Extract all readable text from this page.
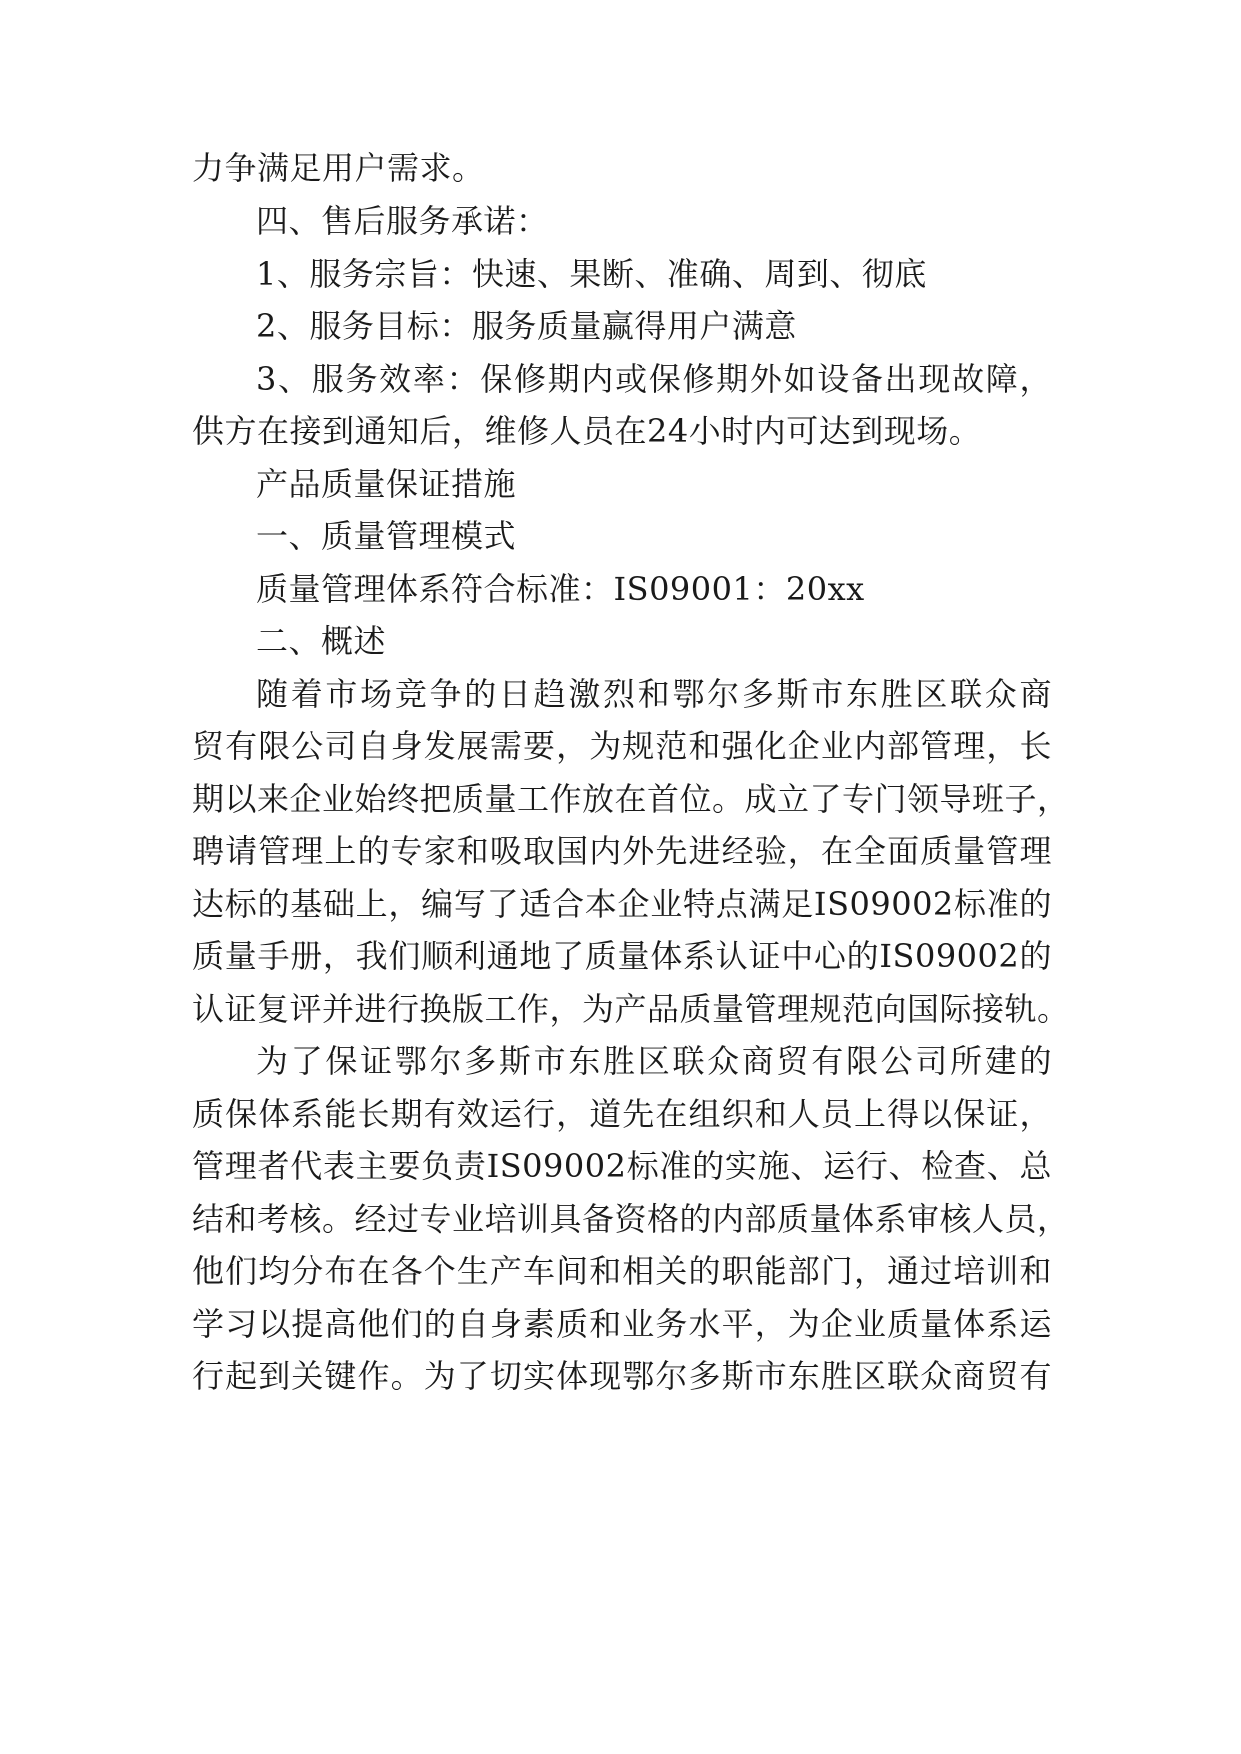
力争满足用户需求。
四、售后服务承诺：
1、服务宗旨：快速、果断、准确、周到、彻底
2、服务目标：服务质量赢得用户满意
3、服务效率：保修期内或保修期外如设备出现故障，
供方在接到通知后，维修人员在24小时内可达到现场。
产品质量保证措施
一、质量管理模式
质量管理体系符合标准：IS09001：20xx
二、概述
随着市场竞争的日趋激烈和鄂尔多斯市东胜区联众商
贸有限公司自身发展需要，为规范和强化企业内部管理，长
期以来企业始终把质量工作放在首位。成立了专门领导班子，
聘请管理上的专家和吸取国内外先进经验，在全面质量管理
达标的基础上，编写了适合本企业特点满足IS09002标准的
质量手册，我们顺利通地了质量体系认证中心的IS09002的
认证复评并进行换版工作，为产品质量管理规范向国际接轨。
为了保证鄂尔多斯市东胜区联众商贸有限公司所建的
质保体系能长期有效运行，道先在组织和人员上得以保证，
管理者代表主要负责IS09002标准的实施、运行、检查、总
结和考核。经过专业培训具备资格的内部质量体系审核人员，
他们均分布在各个生产车间和相关的职能部门，通过培训和
学习以提高他们的自身素质和业务水平，为企业质量体系运
行起到关键作。为了切实体现鄂尔多斯市东胜区联众商贸有
